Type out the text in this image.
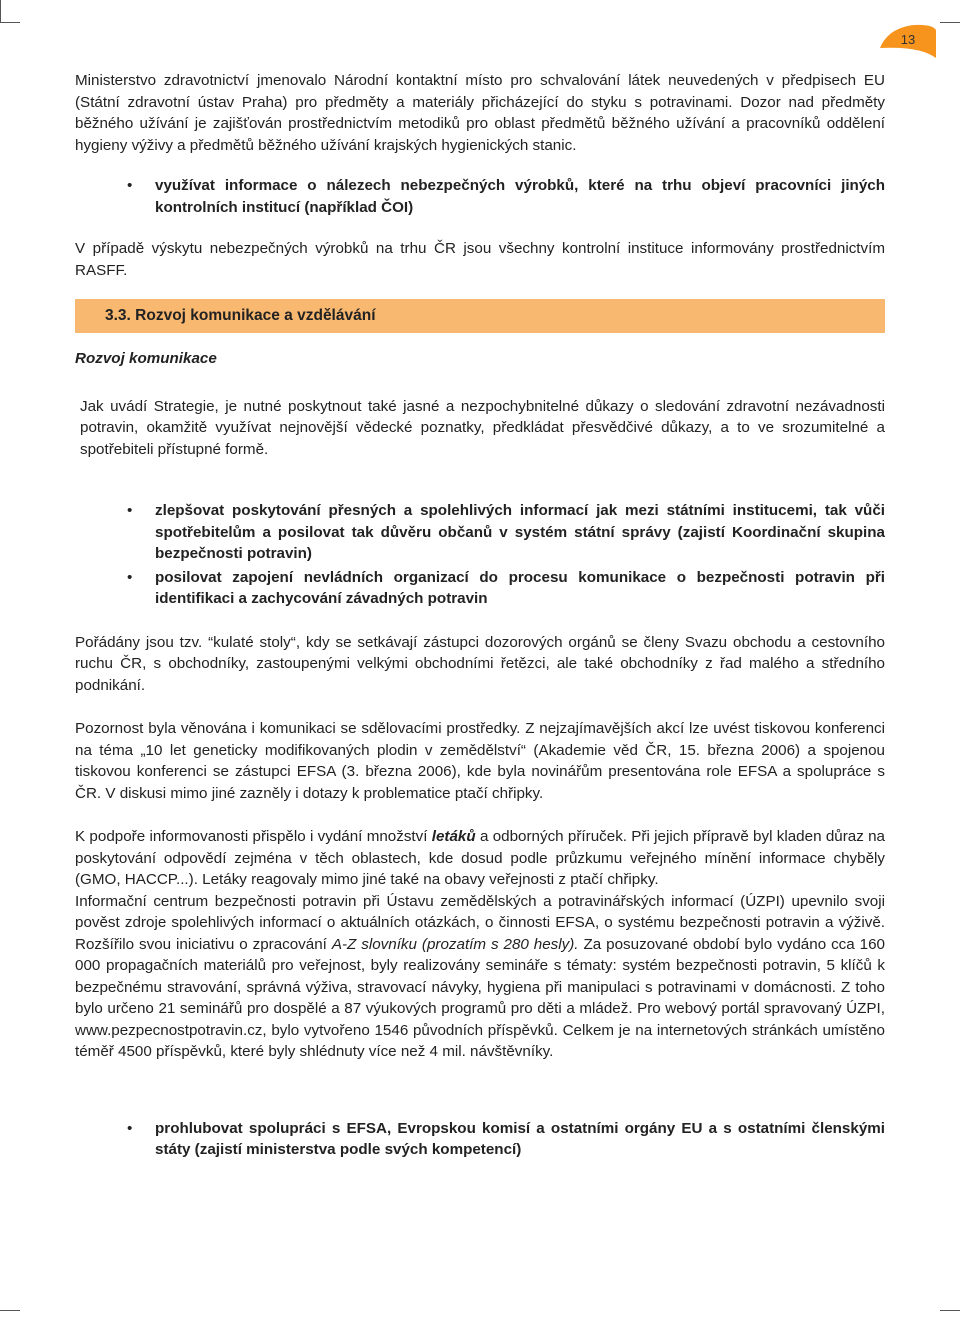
13

Ministerstvo zdravotnictví jmenovalo Národní kontaktní místo pro schvalování látek neuvedených v předpisech EU (Státní zdravotní ústav Praha) pro předměty a materiály přicházející do styku s potravinami. Dozor nad předměty běžného užívání je zajišťován prostřednictvím metodiků pro oblast předmětů běžného užívání a pracovníků oddělení hygieny výživy a předmětů běžného užívání krajských hygienických stanic.

• využívat informace o nálezech nebezpečných výrobků, které na trhu objeví pracovníci jiných kontrolních institucí (například ČOI)

V případě výskytu nebezpečných výrobků na trhu ČR jsou všechny kontrolní instituce informovány prostřednictvím RASFF.

3.3. Rozvoj komunikace a vzdělávání

Rozvoj komunikace

Jak uvádí Strategie, je nutné poskytnout také jasné a nezpochybnitelné důkazy o sledování zdravotní nezávadnosti potravin, okamžitě využívat nejnovější vědecké poznatky, předkládat přesvědčivé důkazy, a to ve srozumitelné a spotřebiteli přístupné formě.

• zlepšovat poskytování přesných a spolehlivých informací jak mezi státními institucemi, tak vůči spotřebitelům a posilovat tak důvěru občanů v systém státní správy (zajistí Koordinační skupina bezpečnosti potravin)
• posilovat zapojení nevládních organizací do procesu komunikace o bezpečnosti potravin při identifikaci a zachycování závadných potravin

Pořádány jsou tzv. “kulaté stoly“, kdy se setkávají zástupci dozorových orgánů se členy Svazu obchodu a cestovního ruchu ČR, s obchodníky, zastoupenými velkými obchodními řetězci, ale také obchodníky z řad malého a středního podnikání.

Pozornost byla věnována i komunikaci se sdělovacími prostředky. Z nejzajímavějších akcí lze uvést tiskovou konferenci na téma „10 let geneticky modifikovaných plodin v zemědělství“ (Akademie věd ČR, 15. března 2006) a spojenou tiskovou konferenci se zástupci EFSA (3. března 2006), kde byla novinářům presentována role EFSA a spolupráce s ČR. V diskusi mimo jiné zazněly i dotazy k problematice ptačí chřipky.

K podpoře informovanosti přispělo i vydání množství letáků a odborných příruček. Při jejich přípravě byl kladen důraz na poskytování odpovědí zejména v těch oblastech, kde dosud podle průzkumu veřejného mínění informace chyběly (GMO, HACCP...). Letáky reagovaly mimo jiné také na obavy veřejnosti z ptačí chřipky.

Informační centrum bezpečnosti potravin při Ústavu zemědělských a potravinářských informací (ÚZPI) upevnilo svoji pověst zdroje spolehlivých informací o aktuálních otázkách, o činnosti EFSA, o systému bezpečnosti potravin a výživě. Rozšířilo svou iniciativu o zpracování A-Z slovníku (prozatím s 280 hesly). Za posuzované období bylo vydáno cca 160 000 propagačních materiálů pro veřejnost, byly realizovány semináře s tématy: systém bezpečnosti potravin, 5 klíčů k bezpečnému stravování, správná výživa, stravovací návyky, hygiena při manipulaci s potravinami v domácnosti. Z toho bylo určeno 21 seminářů pro dospělé a 87 výukových programů pro děti a mládež. Pro webový portál spravovaný ÚZPI, www.pezpecnostpotravin.cz, bylo vytvořeno 1546 původních příspěvků. Celkem je na internetových stránkách umístěno téměř 4500 příspěvků, které byly shlédnuty více než 4 mil. návštěvníky.

• prohlubovat spolupráci s EFSA, Evropskou komisí a ostatními orgány EU a s ostatními členskými státy (zajistí ministerstva podle svých kompetencí)
